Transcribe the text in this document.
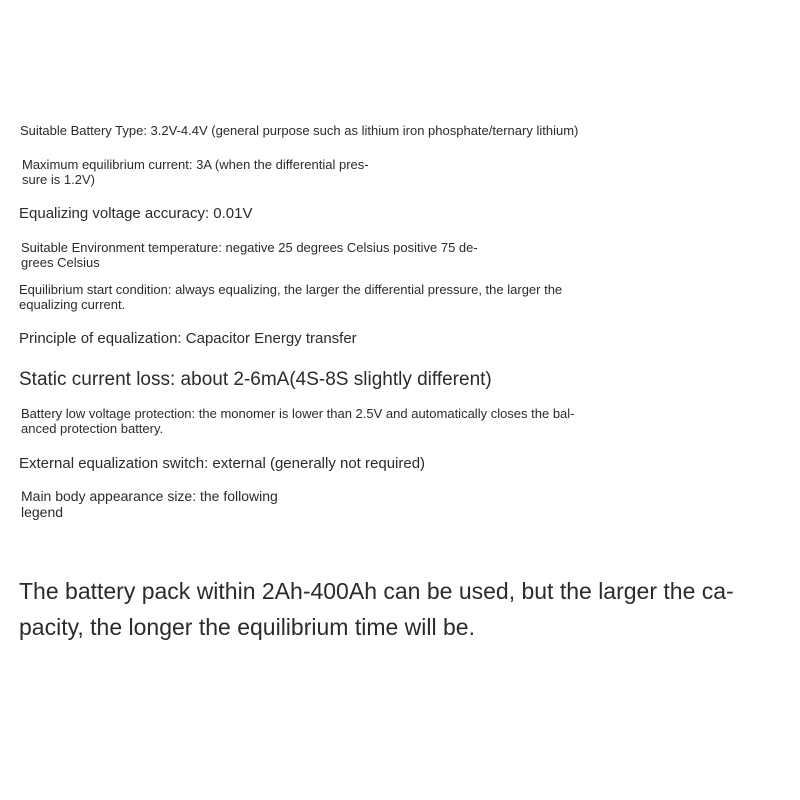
Suitable Battery Type: 3.2V-4.4V (general purpose such as lithium iron phosphate/ternary lithium)

Maximum equilibrium current: 3A (when the differential pres-
sure is 1.2V)

Equalizing voltage accuracy: 0.01V

Suitable Environment temperature: negative 25 degrees Celsius positive 75 de-
grees Celsius

Equilibrium start condition: always equalizing, the larger the differential pressure, the larger the
equalizing current.

Principle of equalization: Capacitor Energy transfer

Static current loss: about 2-6mA(4S-8S slightly different)

Battery low voltage protection: the monomer is lower than 2.5V and automatically closes the bal-
anced protection battery.

External equalization switch: external (generally not required)

Main body appearance size: the following
legend

The battery pack within 2Ah-400Ah can be used, but the larger the ca-
pacity, the longer the equilibrium time will be.
